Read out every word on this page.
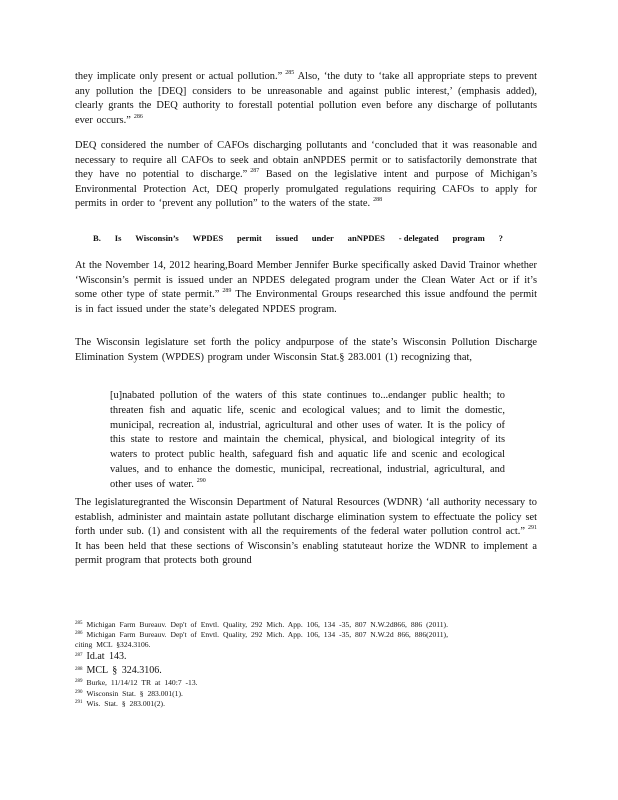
they implicate only present or actual pollution.” $^{285}$ Also, ‘the duty to ‘take all appropriate steps to prevent any pollution the [DEQ] considers to be unreasonable and against public interest,’ (emphasis added), clearly grants the DEQ authority to forestall potential pollution even before any discharge of pollutants ever occurs.” $^{286}$

DEQ considered the number of CAFOs discharging pollutants and ‘concluded that it was reasonable and necessary to require all CAFOs to seek and obtain anNPDES permit or to satisfactorily demonstrate that they have no potential to discharge.” $^{287}$ Based on the legislative intent and purpose of Michigan’s Environmental Protection Act, DEQ properly promulgated regulations requiring CAFOs to apply for permits in order to ‘prevent any pollution” to the waters of the state. $^{288}$

B. Is Wisconsin’s WPDES permit issued under anNPDES - delegated program ?

At the November 14, 2012 hearing,Board Member Jennifer Burke specifically asked David Trainor whether ‘Wisconsin’s permit is issued under an NPDES delegated program under the Clean Water Act or if it’s some other type of state permit.” $^{289}$ The Environmental Groups researched this issue andfound the permit is in fact issued under the state’s delegated NPDES program.

The Wisconsin legislature set forth the policy andpurpose of the state’s Wisconsin Pollution Discharge Elimination System (WPDES) program under Wisconsin Stat.§ 283.001 (1) recognizing that,

[u]nabated pollution of the waters of this state continues to...endanger public health; to threaten fish and aquatic life, scenic and ecological values; and to limit the domestic, municipal, recreation al, industrial, agricultural and other uses of water. It is the policy of this state to restore and maintain the chemical, physical, and biological integrity of its waters to protect public health, safeguard fish and aquatic life and scenic and ecological values, and to enhance the domestic, municipal, recreational, industrial, agricultural, and other uses of water. $^{290}$

The legislaturegranted the Wisconsin Department of Natural Resources (WDNR) ‘all authority necessary to establish, administer and maintain astate pollutant discharge elimination system to effectuate the policy set forth under sub. (1) and consistent with all the requirements of the federal water pollution control act.” $^{291}$ It has been held that these sections of Wisconsin’s enabling statuteaut horize the WDNR to implement a permit program that protects both ground

$^{285}$ Michigan Farm Bureauv. Dep't of Envtl. Quality, 292 Mich. App. 106, 134 -35, 807 N.W.2d866, 886 (2011).

$^{286}$ Michigan Farm Bureauv. Dep't of Envtl. Quality, 292 Mich. App. 106, 134 -35, 807 N.W.2d 866, 886(2011),

citing MCL §324.3106.

$^{287}$ Id.at 143.

$^{288}$ MCL § 324.3106.

$^{289}$ Burke, 11/14/12 TR at 140:7 -13.

$^{290}$ Wisconsin Stat. § 283.001(1).

$^{291}$ Wis. Stat. § 283.001(2).
